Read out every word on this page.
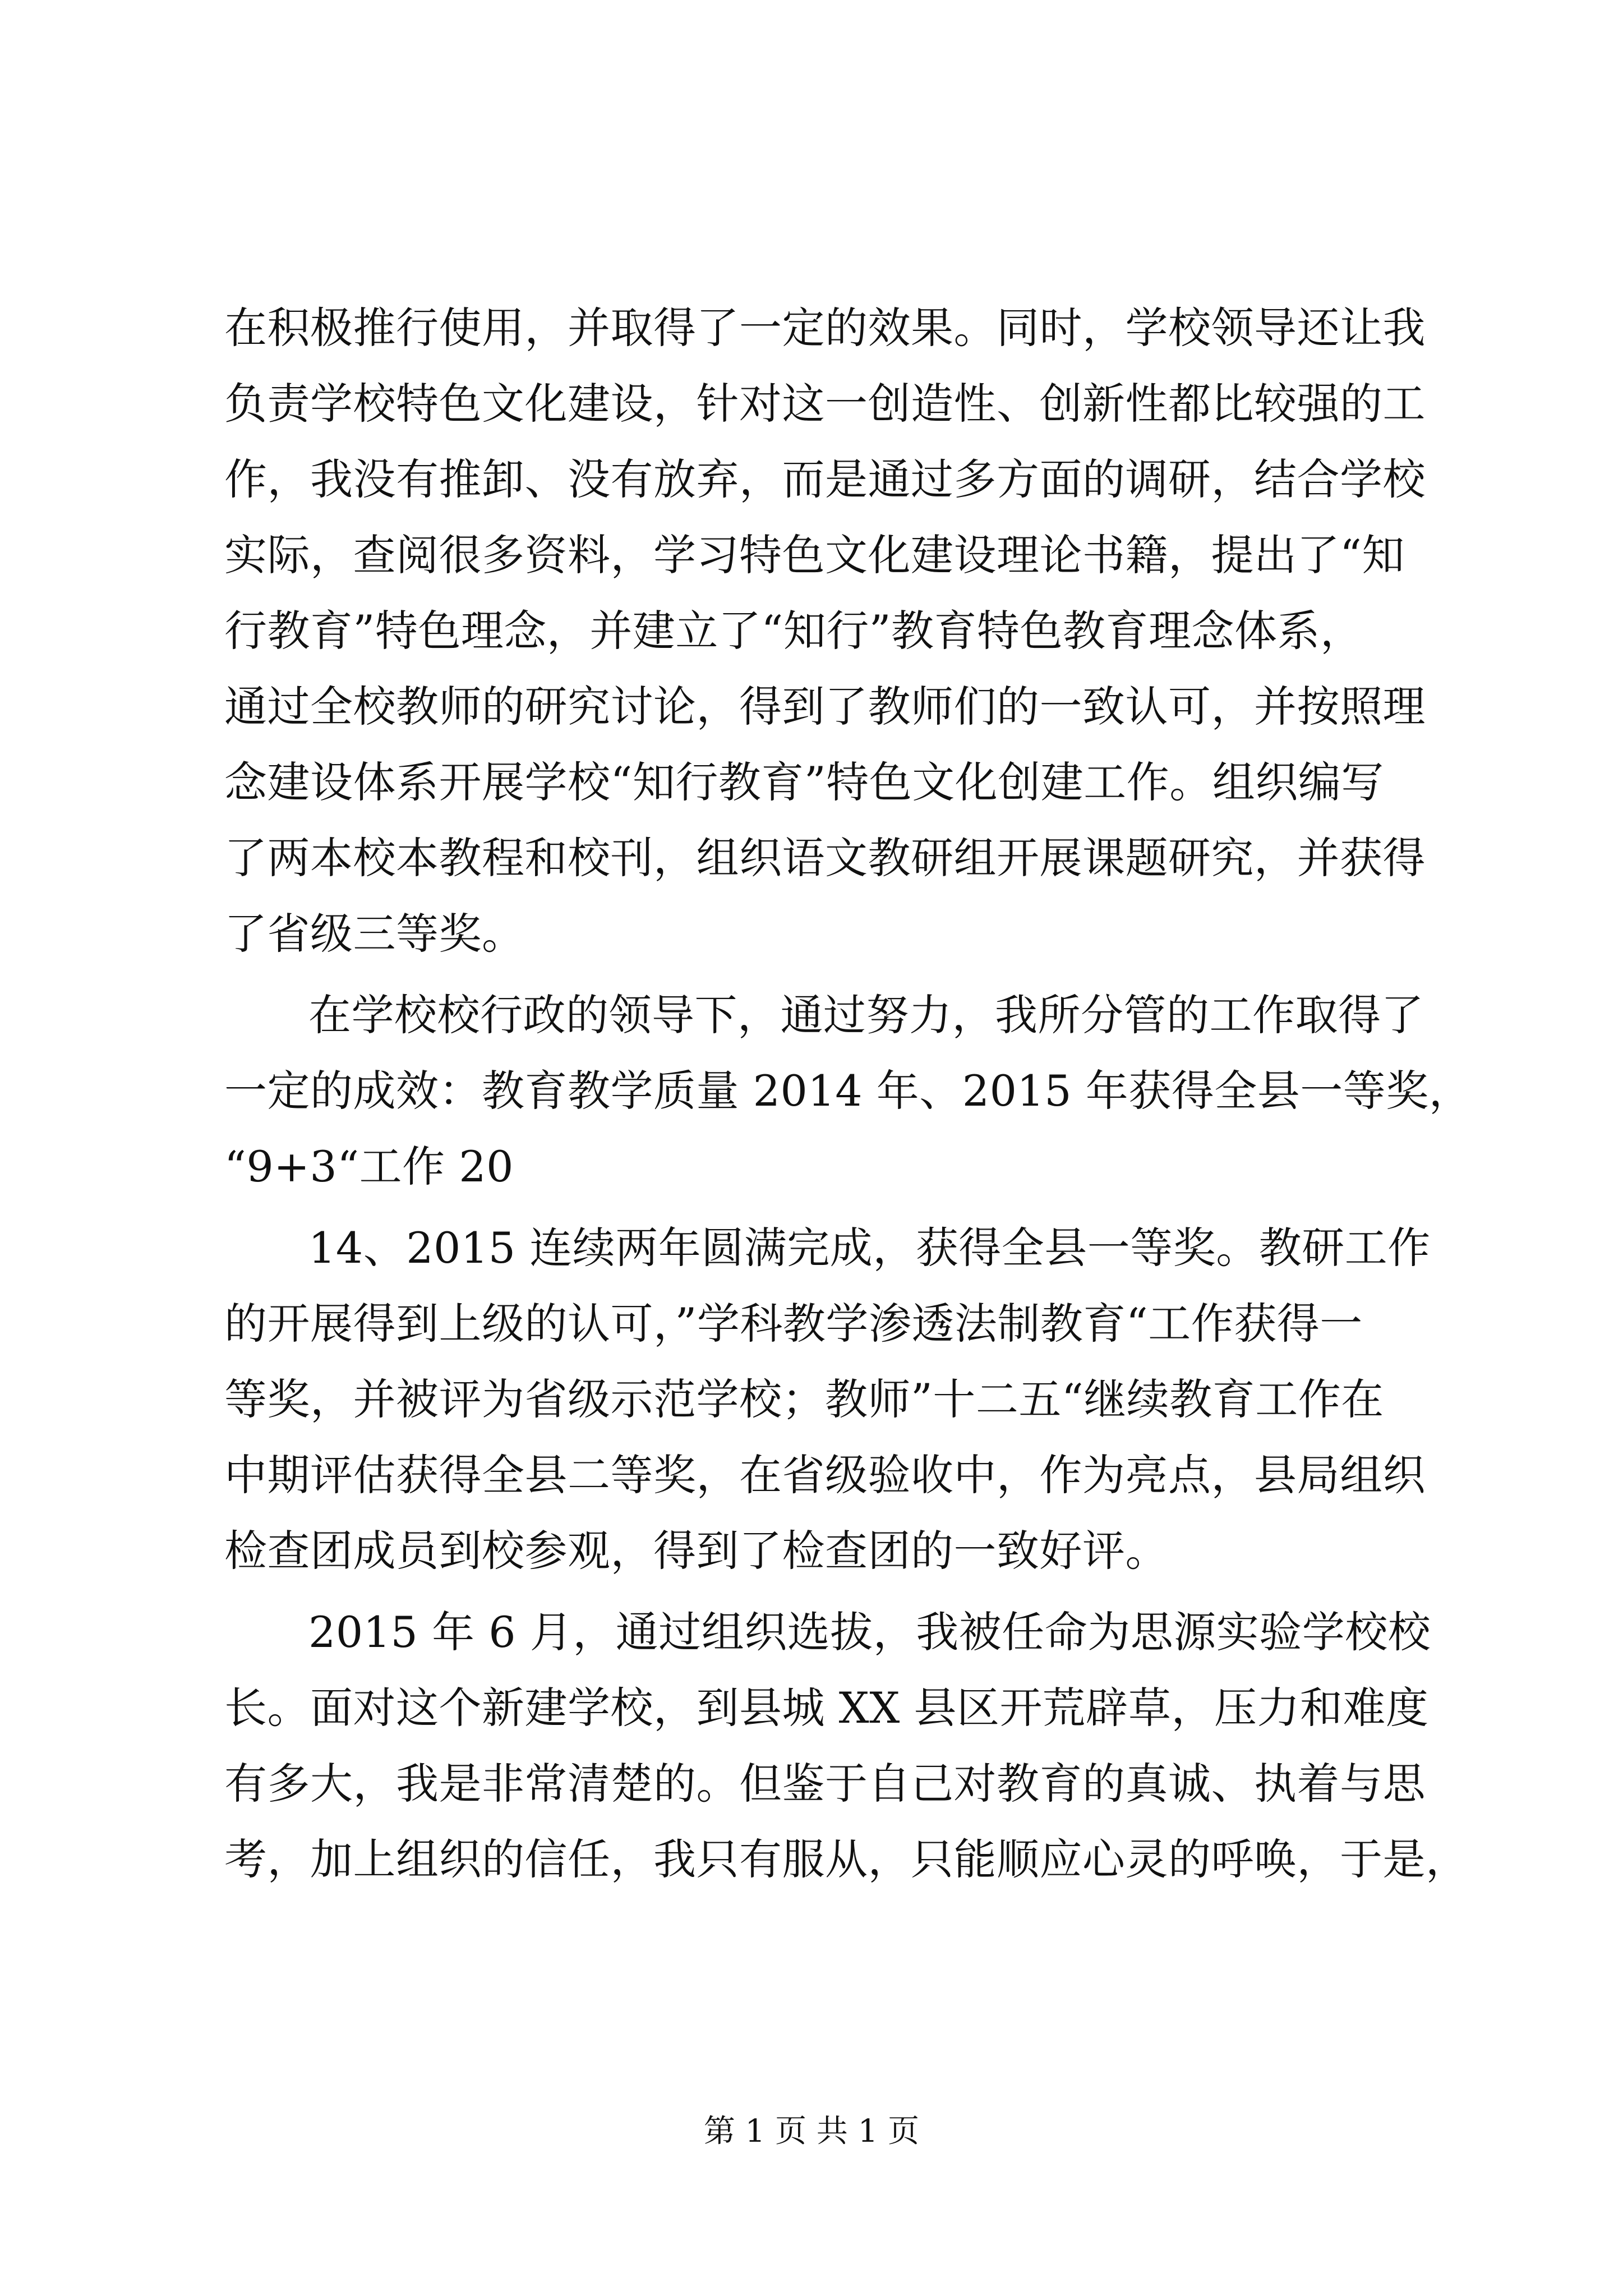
在积极推行使用，并取得了一定的效果。同时，学校领导还让我
负责学校特色文化建设，针对这一创造性、创新性都比较强的工
作，我没有推卸、没有放弃，而是通过多方面的调研，结合学校
实际，查阅很多资料，学习特色文化建设理论书籍，提出了“知
行教育”特色理念，并建立了“知行”教育特色教育理念体系，
通过全校教师的研究讨论，得到了教师们的一致认可，并按照理
念建设体系开展学校“知行教育”特色文化创建工作。组织编写
了两本校本教程和校刊，组织语文教研组开展课题研究，并获得
了省级三等奖。
在学校校行政的领导下，通过努力，我所分管的工作取得了
一定的成效：教育教学质量 2014 年、2015 年获得全县一等奖，
“9+3“工作 20
14、2015 连续两年圆满完成，获得全县一等奖。教研工作
的开展得到上级的认可，”学科教学渗透法制教育“工作获得一
等奖，并被评为省级示范学校；教师”十二五“继续教育工作在
中期评估获得全县二等奖，在省级验收中，作为亮点，县局组织
检查团成员到校参观，得到了检查团的一致好评。
2015 年 6 月，通过组织选拔，我被任命为思源实验学校校
长。面对这个新建学校，到县城 XX 县区开荒辟草，压力和难度
有多大，我是非常清楚的。但鉴于自己对教育的真诚、执着与思
考，加上组织的信任，我只有服从，只能顺应心灵的呼唤，于是，
第 1 页 共 1 页
